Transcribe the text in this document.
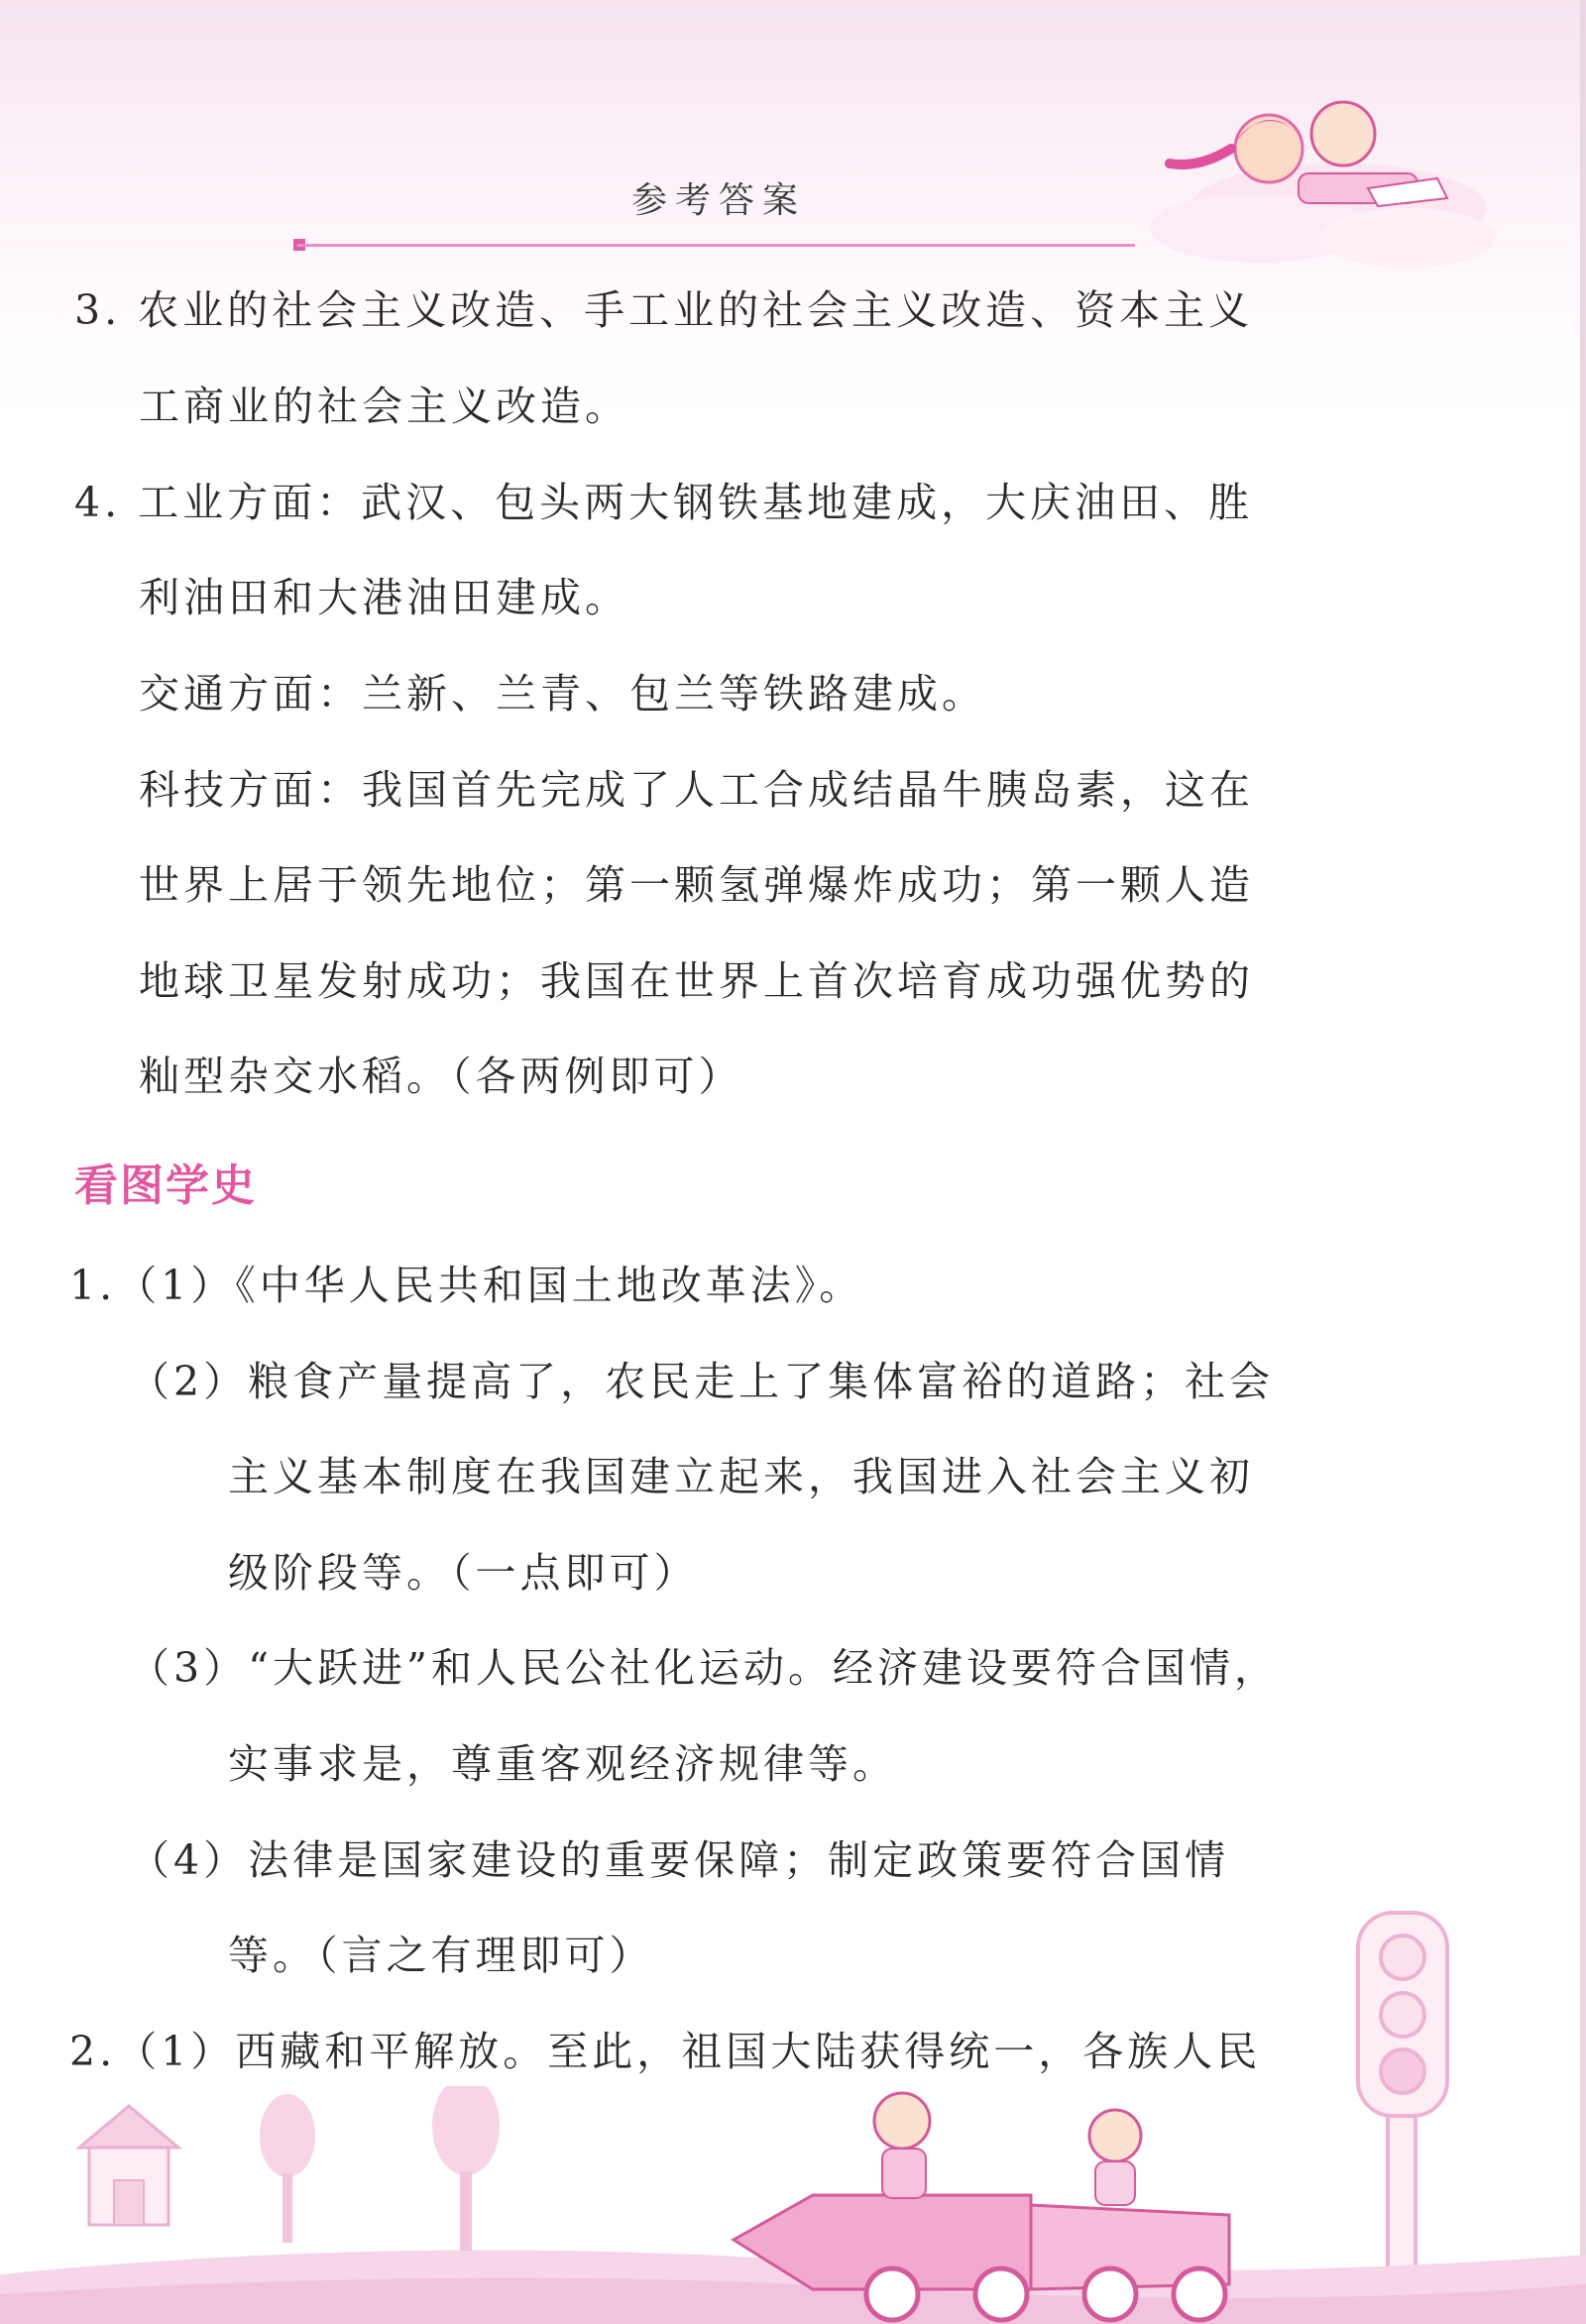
参考答案
3. 农业的社会主义改造、手工业的社会主义改造、资本主义
工商业的社会主义改造。
4. 工业方面：武汉、包头两大钢铁基地建成，大庆油田、胜
利油田和大港油田建成。
交通方面：兰新、兰青、包兰等铁路建成。
科技方面：我国首先完成了人工合成结晶牛胰岛素，这在
世界上居于领先地位；第一颗氢弹爆炸成功；第一颗人造
地球卫星发射成功；我国在世界上首次培育成功强优势的
籼型杂交水稻。（各两例即可）
看图学史
1.（1）《中华人民共和国土地改革法》。
（2）粮食产量提高了，农民走上了集体富裕的道路；社会
主义基本制度在我国建立起来，我国进入社会主义初
级阶段等。（一点即可）
（3）“大跃进”和人民公社化运动。经济建设要符合国情，
实事求是，尊重客观经济规律等。
（4）法律是国家建设的重要保障；制定政策要符合国情
等。（言之有理即可）
2.（1）西藏和平解放。至此，祖国大陆获得统一，各族人民
